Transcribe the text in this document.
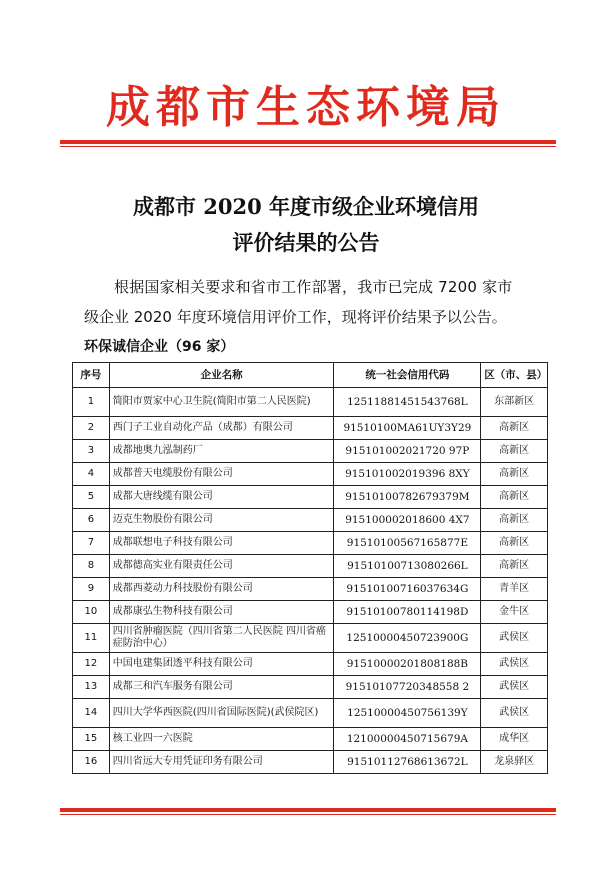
成都市生态环境局
成都市 2020 年度市级企业环境信用
评价结果的公告
根据国家相关要求和省市工作部署，我市已完成 7200 家市
级企业 2020 年度环境信用评价工作，现将评价结果予以公告。
环保诚信企业（96 家）
序号	企业名称	统一社会信用代码	区（市、县）
1	简阳市贾家中心卫生院(简阳市第二人民医院)	12511881451543768L	东部新区
2	西门子工业自动化产品（成都）有限公司	91510100MA61UY3Y29	高新区
3	成都地奥九泓制药厂	915101002021720 97P	高新区
4	成都普天电缆股份有限公司	915101002019396 8XY	高新区
5	成都大唐线缆有限公司	91510100782679379M	高新区
6	迈克生物股份有限公司	915100002018600 4X7	高新区
7	成都联想电子科技有限公司	91510100567165877E	高新区
8	成都德高实业有限责任公司	91510100713080266L	高新区
9	成都西菱动力科技股份有限公司	91510100716037634G	青羊区
10	成都康弘生物科技有限公司	91510100780114198D	金牛区
11	四川省肿瘤医院（四川省第二人民医院 四川省癌症防治中心）	12510000450723900G	武侯区
12	中国电建集团透平科技有限公司	91510000201808188B	武侯区
13	成都三和汽车服务有限公司	91510107720348558 2	武侯区
14	四川大学华西医院(四川省国际医院)(武侯院区)	12510000450756139Y	武侯区
15	核工业四一六医院	12100000450715679A	成华区
16	四川省远大专用凭证印务有限公司	91510112768613672L	龙泉驿区
